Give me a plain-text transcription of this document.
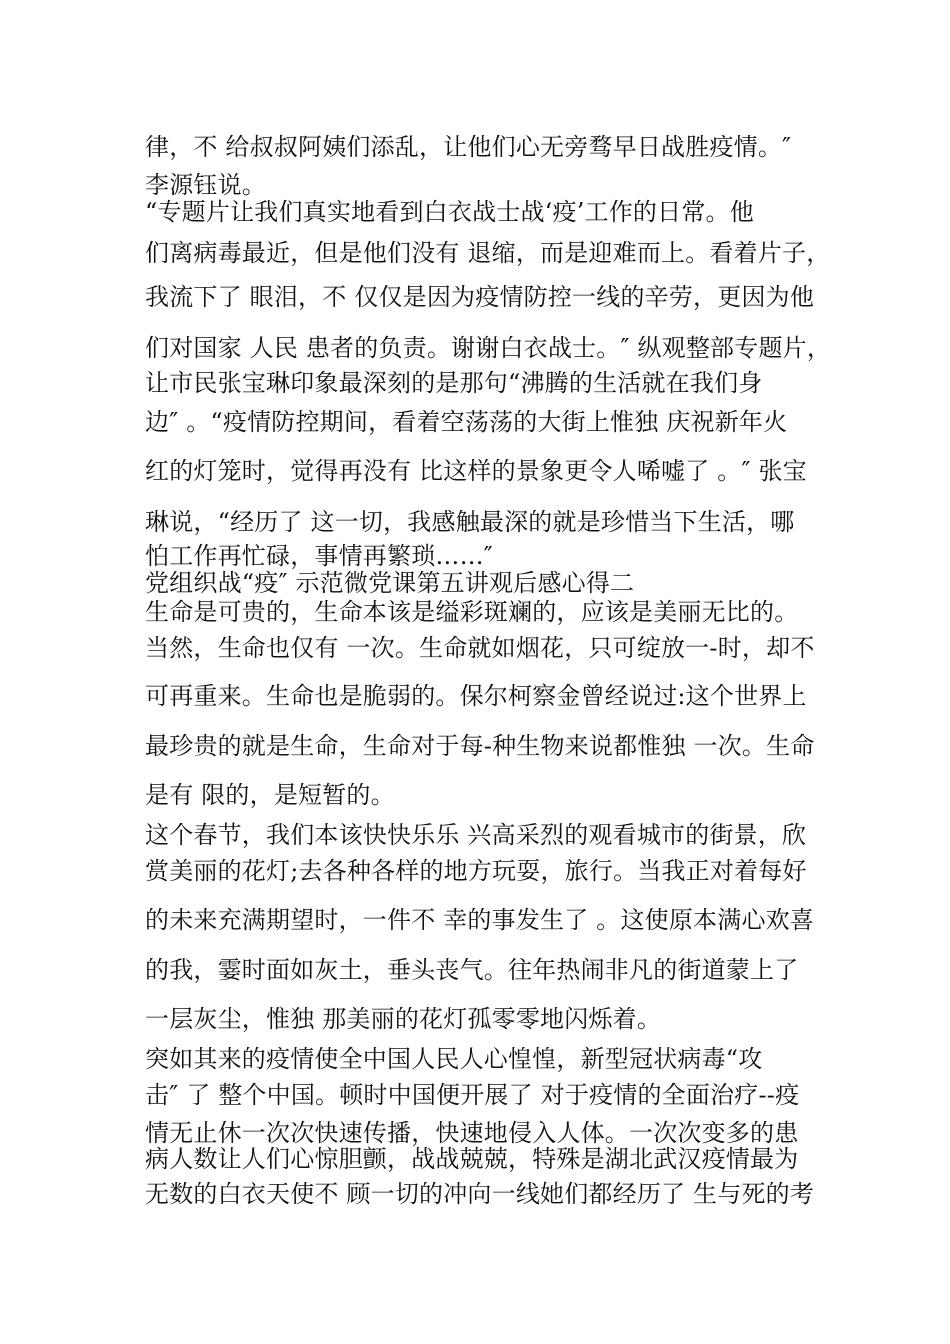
律，不 给叔叔阿姨们添乱，让他们心无旁骛早日战胜疫情。″
李源钰说。
“专题片让我们真实地看到白衣战士战‘疫’工作的日常。他
们离病毒最近，但是他们没有 退缩，而是迎难而上。看着片子，
我流下了 眼泪，不 仅仅是因为疫情防控一线的辛劳，更因为他
们对国家 人民 患者的负责。谢谢白衣战士。″ 纵观整部专题片，
让市民张宝琳印象最深刻的是那句“沸腾的生活就在我们身
边″ 。“疫情防控期间，看着空荡荡的大街上惟独 庆祝新年火
红的灯笼时，觉得再没有 比这样的景象更令人唏嘘了 。″ 张宝
琳说，“经历了 这一切，我感触最深的就是珍惜当下生活，哪
怕工作再忙碌，事情再繁琐……″
党组织战“疫″ 示范微党课第五讲观后感心得二
生命是可贵的，生命本该是缢彩斑斓的，应该是美丽无比的。
当然，生命也仅有 一次。生命就如烟花，只可绽放一-时，却不
可再重来。生命也是脆弱的。保尔柯察金曾经说过:这个世界上
最珍贵的就是生命，生命对于每-种生物来说都惟独 一次。生命
是有 限的，是短暂的。
这个春节，我们本该快快乐乐 兴高采烈的观看城市的街景，欣
赏美丽的花灯;去各种各样的地方玩耍，旅行。当我正对着每好
的未来充满期望时，一件不 幸的事发生了 。这使原本满心欢喜
的我，霎时面如灰土，垂头丧气。往年热闹非凡的街道蒙上了
一层灰尘，惟独 那美丽的花灯孤零零地闪烁着。
突如其来的疫情使全中国人民人心惶惶，新型冠状病毒“攻
击″ 了 整个中国。顿时中国便开展了 对于疫情的全面治疗--疫
情无止休一次次快速传播，快速地侵入人体。一次次变多的患
病人数让人们心惊胆颤，战战兢兢，特殊是湖北武汉疫情最为
无数的白衣天使不 顾一切的冲向一线她们都经历了 生与死的考
